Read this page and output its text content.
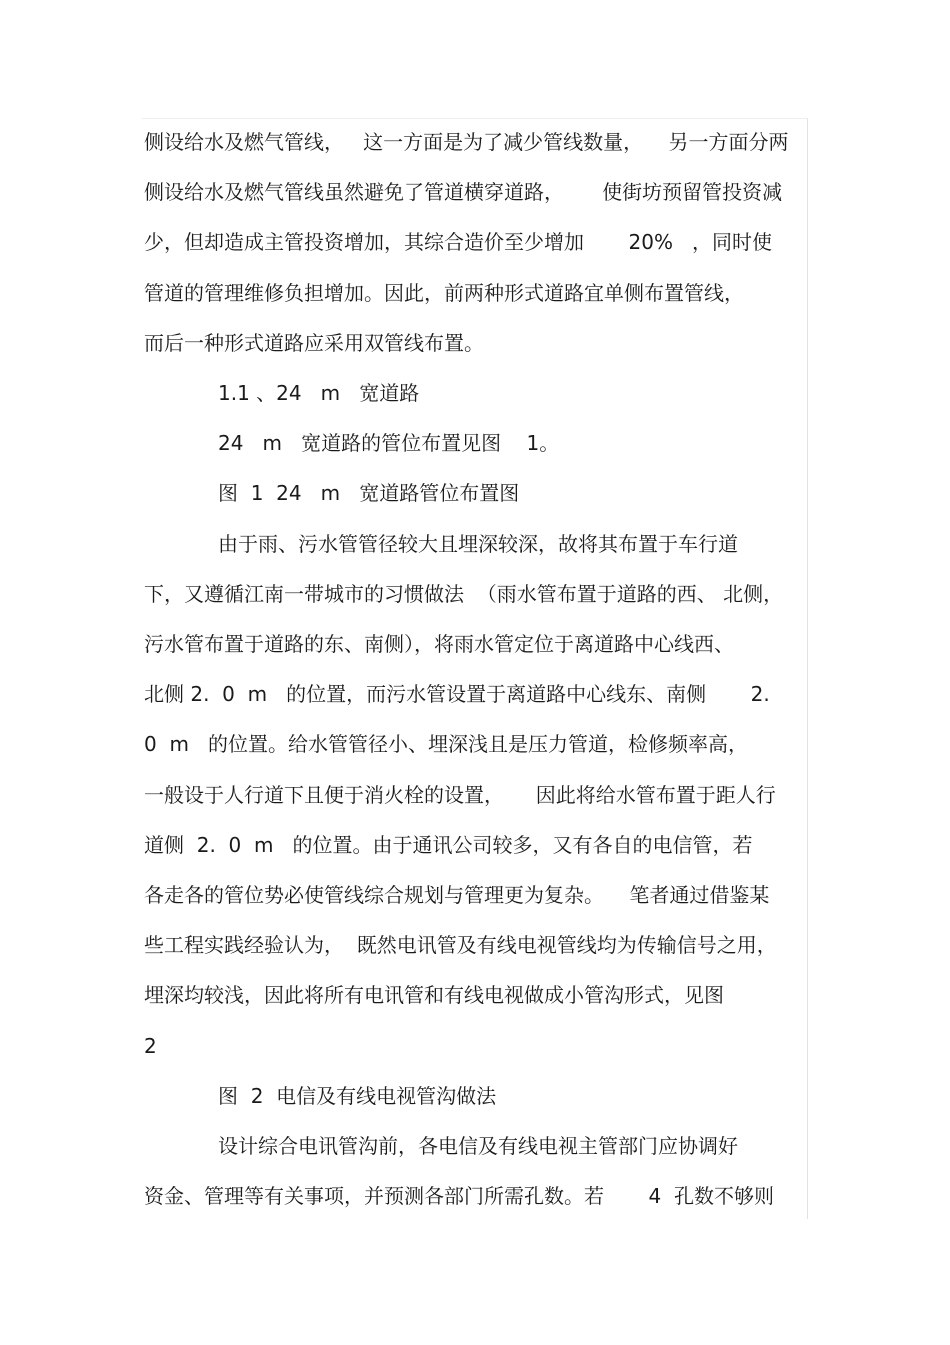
侧设给水及燃气管线，   这一方面是为了减少管线数量，    另一方面分两
侧设给水及燃气管线虽然避免了管道横穿道路，      使街坊预留管投资减
少，但却造成主管投资增加，其综合造价至少增加       20%   ，同时使
管道的管理维修负担增加。因此，前两种形式道路宜单侧布置管线，
而后一种形式道路应采用双管线布置。
1.1 、24   m   宽道路
24   m   宽道路的管位布置见图    1。
图  1  24   m   宽道路管位布置图
由于雨、污水管管径较大且埋深较深，故将其布置于车行道
下，又遵循江南一带城市的习惯做法  （雨水管布置于道路的西、 北侧，
污水管布置于道路的东、南侧），将雨水管定位于离道路中心线西、
北侧 2.  0  m   的位置，而污水管设置于离道路中心线东、南侧       2.
0  m   的位置。给水管管径小、埋深浅且是压力管道，检修频率高，
一般设于人行道下且便于消火栓的设置，     因此将给水管布置于距人行
道侧  2.  0  m   的位置。由于通讯公司较多，又有各自的电信管，若
各走各的管位势必使管线综合规划与管理更为复杂。    笔者通过借鉴某
些工程实践经验认为，  既然电讯管及有线电视管线均为传输信号之用，
埋深均较浅，因此将所有电讯管和有线电视做成小管沟形式，见图
2
图  2  电信及有线电视管沟做法
设计综合电讯管沟前，各电信及有线电视主管部门应协调好
资金、管理等有关事项，并预测各部门所需孔数。若       4  孔数不够则
